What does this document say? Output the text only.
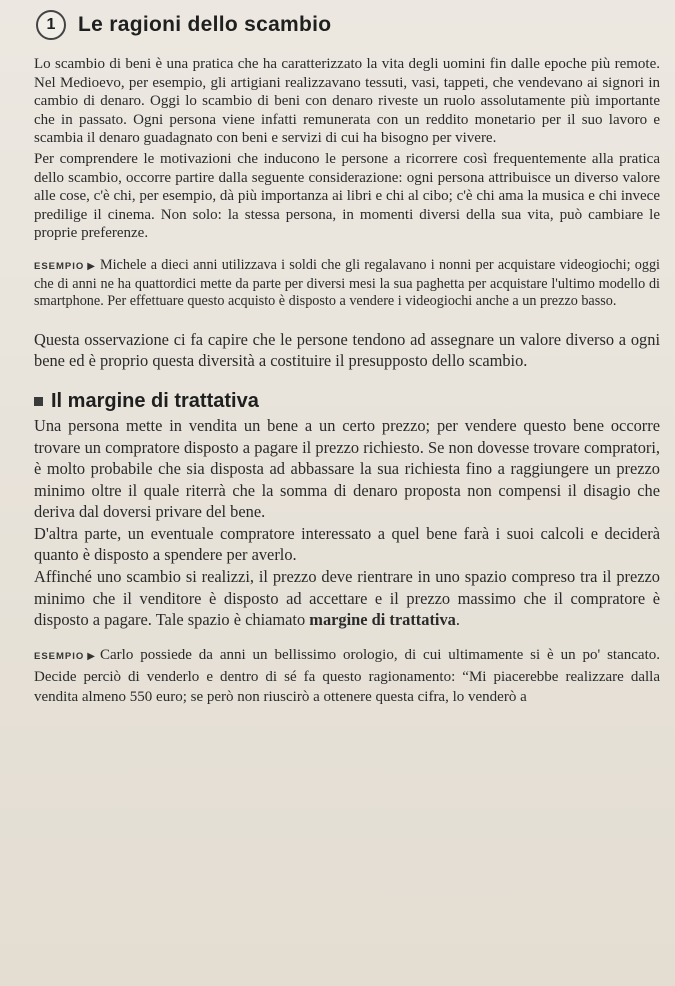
1	Le ragioni dello scambio

Lo scambio di beni è una pratica che ha caratterizzato la vita degli uomini fin dalle epoche più remote. Nel Medioevo, per esempio, gli artigiani realizzavano tessuti, vasi, tappeti, che vendevano ai signori in cambio di denaro. Oggi lo scambio di beni con denaro riveste un ruolo assolutamente più importante che in passato. Ogni persona viene infatti remunerata con un reddito monetario per il suo lavoro e scambia il denaro guadagnato con beni e servizi di cui ha bisogno per vivere.

Per comprendere le motivazioni che inducono le persone a ricorrere così frequentemente alla pratica dello scambio, occorre partire dalla seguente considerazione: ogni persona attribuisce un diverso valore alle cose, c'è chi, per esempio, dà più importanza ai libri e chi al cibo; c'è chi ama la musica e chi invece predilige il cinema. Non solo: la stessa persona, in momenti diversi della sua vita, può cambiare le proprie preferenze.

ESEMPIO ▶ Michele a dieci anni utilizzava i soldi che gli regalavano i nonni per acquistare videogiochi; oggi che di anni ne ha quattordici mette da parte per diversi mesi la sua paghetta per acquistare l'ultimo modello di smartphone. Per effettuare questo acquisto è disposto a vendere i videogiochi anche a un prezzo basso.

Questa osservazione ci fa capire che le persone tendono ad assegnare un valore diverso a ogni bene ed è proprio questa diversità a costituire il presupposto dello scambio.

Il margine di trattativa

Una persona mette in vendita un bene a un certo prezzo; per vendere questo bene occorre trovare un compratore disposto a pagare il prezzo richiesto. Se non dovesse trovare compratori, è molto probabile che sia disposta ad abbassare la sua richiesta fino a raggiungere un prezzo minimo oltre il quale riterrà che la somma di denaro proposta non compensi il disagio che deriva dal doversi privare del bene.

D'altra parte, un eventuale compratore interessato a quel bene farà i suoi calcoli e deciderà quanto è disposto a spendere per averlo.

Affinché uno scambio si realizzi, il prezzo deve rientrare in uno spazio compreso tra il prezzo minimo che il venditore è disposto ad accettare e il prezzo massimo che il compratore è disposto a pagare. Tale spazio è chiamato margine di trattativa.

ESEMPIO ▶ Carlo possiede da anni un bellissimo orologio, di cui ultimamente si è un po' stancato. Decide perciò di venderlo e dentro di sé fa questo ragionamento: “Mi piacerebbe realizzare dalla vendita almeno 550 euro; se però non riuscirò a ottenere questa cifra, lo venderò a
